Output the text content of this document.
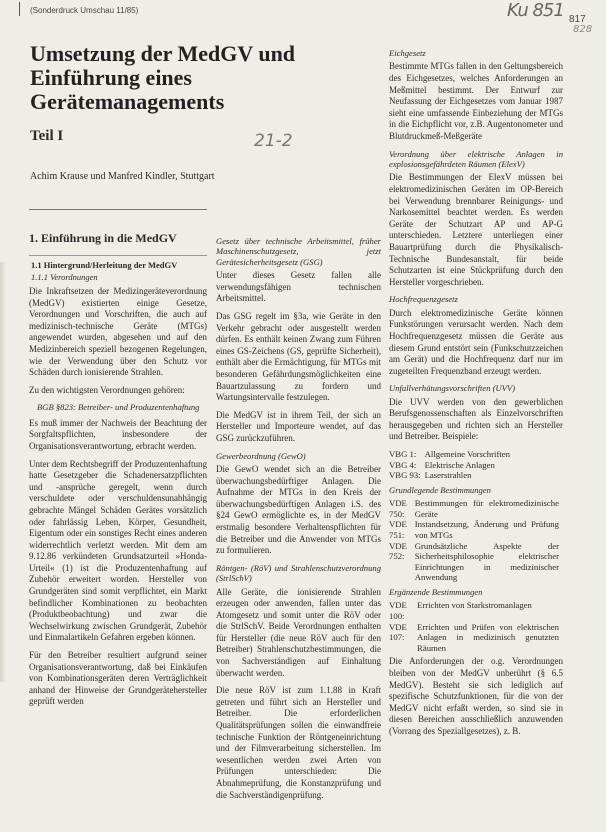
(Sonderdruck Umschau 11/85)
817
Ku 851
828
Umsetzung der MedGV und Einführung eines Gerätemanagements
Teil I	21-2
Achim Krause und Manfred Kindler, Stuttgart
1. Einführung in die MedGV
1.1 Hintergrund/Herleitung der MedGV
1.1.1 Verordnungen

Die Inkraftsetzen der Medizingeräteverordnung (MedGV) existierten einige Gesetze, Verordnungen und Vorschriften, die auch auf medizinisch-technische Geräte (MTGs) angewendet wurden, abgesehen und auf den Medizinbereich speziell bezogenen Regelungen, wie der Verwendung über den Schutz vor Schäden durch ionisierende Strahlen.

Zu den wichtigsten Verordnungen gehören:

BGB §823: Betreiber- und Produzentenhaftung

Es muß immer der Nachweis der Beachtung der Sorgfaltspflichten, insbesondere der Organisationsverantwortung, erbracht werden.

Unter dem Rechtsbegriff der Produzentenhaftung hatte Gesetzgeber die Schadenersatzpflichten und -ansprüche geregelt, wenn durch verschuldete oder verschuldensunabhängig gebrachte Mängel Schäden Gerätes vorsätzlich oder fahrlässig Leben, Körper, Gesundheit, Eigentum oder ein sonstiges Recht eines anderen widerrechtlich verletzt werden. Mit dem am 9.12.86 verkündeten Grundsatzurteil »Honda-Urteil« (1) ist die Produzentenhaftung auf Zubehör erweitert worden. Hersteller von Grundgeräten sind somit verpflichtet, ein Markt befindlicher Kombinationen zu beobachten (Produktbeobachtung) und zwar die Wechselwirkung zwischen Grundgerät, Zubehör und Einmalartikeln Gefahren ergeben können.

Für den Betreiber resultiert aufgrund seiner Organisationsverantwortung, daß bei Einkäufen von Kombinationsgeräten deren Verträglichkeit anhand der Hinweise der Grundgerätehersteller geprüft werden

Gesetz über technische Arbeitsmittel, früher Maschinenschutzgesetz, jetzt Gerätesicherheitsgesetz (GSG)

Unter dieses Gesetz fallen alle verwendungsfähigen technischen Arbeitsmittel.

Das GSG regelt im §3a, wie Geräte in den Verkehr gebracht oder ausgestellt werden dürfen. Es enthält keinen Zwang zum Führen eines GS-Zeichens (GS, geprüfte Sicherheit), enthält aber die Ermächtigung, für MTGs mit besonderen Gefährdungsmöglichkeiten eine Bauartzulassung zu fordern und Wartungsintervalle festzulegen.

Die MedGV ist in ihrem Teil, der sich an Hersteller und Importeure wendet, auf das GSG zurückzuführen.

Gewerbeordnung (GewO)

Die GewO wendet sich an die Betreiber überwachungsbedürftiger Anlagen. Die Aufnahme der MTGs in den Kreis der überwachungsbedürftigen Anlagen i.S. des §24 GewO ermöglichte es, in der MedGV erstmalig besondere Verhaltenspflichten für die Betreiber und die Anwender von MTGs zu formulieren.

Röntgen- (RöV) und Strahlenschutzverordnung (StrlSchV)

Alle Geräte, die ionisierende Strahlen erzeugen oder anwenden, fallen unter das Atomgesetz und somit unter die RöV oder die StrlSchV. Beide Verordnungen enthalten für Hersteller (die neue RöV auch für den Betreiber) Strahlenschutzbestimmungen, die von Sachverständigen auf Einhaltung überwacht werden.

Die neue RöV ist zum 1.1.88 in Kraft getreten und führt sich an Hersteller und Betreiber. Die erforderlichen Qualitätsprüfungen sollen die einwandfreie technische Funktion der Röntgeneinrichtung und der Filmverarbeitung sicherstellen. Im wesentlichen werden zwei Arten von Prüfungen unterschieden: Die Abnahmeprüfung, die Konstanzprüfung und die Sachverständigenprüfung.

Eichgesetz

Bestimmte MTGs fallen in den Geltungsbereich des Eichgesetzes, welches Anforderungen an Meßmittel bestimmt. Der Entwurf zur Neufassung der Eichgesetzes vom Januar 1987 sieht eine umfassende Einbeziehung der MTGs in die Eichpflicht vor, z.B. Augentonometer und Blutdruckmeß-Meßgeräte

Verordnung über elektrische Anlagen in explosionsgefährdeten Räumen (ElexV)

Die Bestimmungen der ElexV müssen bei elektromedizinischen Geräten im OP-Bereich bei Verwendung brennbarer Reinigungs- und Narkosemittel beachtet werden. Es werden Geräte der Schutzart AP und AP-G unterschieden. Letztere unterliegen einer Bauartprüfung durch die Physikalisch-Technische Bundesanstalt, für beide Schutzarten ist eine Stückprüfung durch den Hersteller vorgeschrieben.

Hochfrequenzgesetz

Durch elektromedizinische Geräte können Funkstörungen verursacht werden. Nach dem Hochfrequenzgesetz müssen die Geräte aus diesem Grund entstört sein (Funkschutzzeichen am Gerät) und die Hochfrequenz darf nur im zugeteilten Frequenzband erzeugt werden.

Unfallverhütungsvorschriften (UVV)

Die UVV werden von den gewerblichen Berufsgenossenschaften als Einzelvorschriften herausgegeben und richten sich an Hersteller und Betreiber. Beispiele:

VBG 1:	Allgemeine Vorschriften
VBG 4:	Elektrische Anlagen
VBG 93:	Laserstrahlen
Grundlegende Bestimmungen
VDE 750:	Bestimmungen für elektromedizinische Geräte
VDE 751:	Instandsetzung, Änderung und Prüfung von MTGs
VDE 752:	Grundsätzliche Aspekte der Sicherheitsphilosophie elektrischer Einrichtungen in medizinischer Anwendung
Ergänzende Bestimmungen
VDE 100:	Errichten von Starkstromanlagen
VDE 107:	Errichten und Prüfen von elektrischen Anlagen in medizinisch genutzten Räumen

Die Anforderungen der o.g. Verordnungen bleiben von der MedGV unberührt (§ 6.5 MedGV). Besteht sie sich lediglich auf spezifische Schutzfunktionen, für die von der MedGV nicht erfaßt werden, so sind sie in diesen Bereichen ausschließlich anzuwenden (Vorrang des Speziallgesetzes), z. B.
